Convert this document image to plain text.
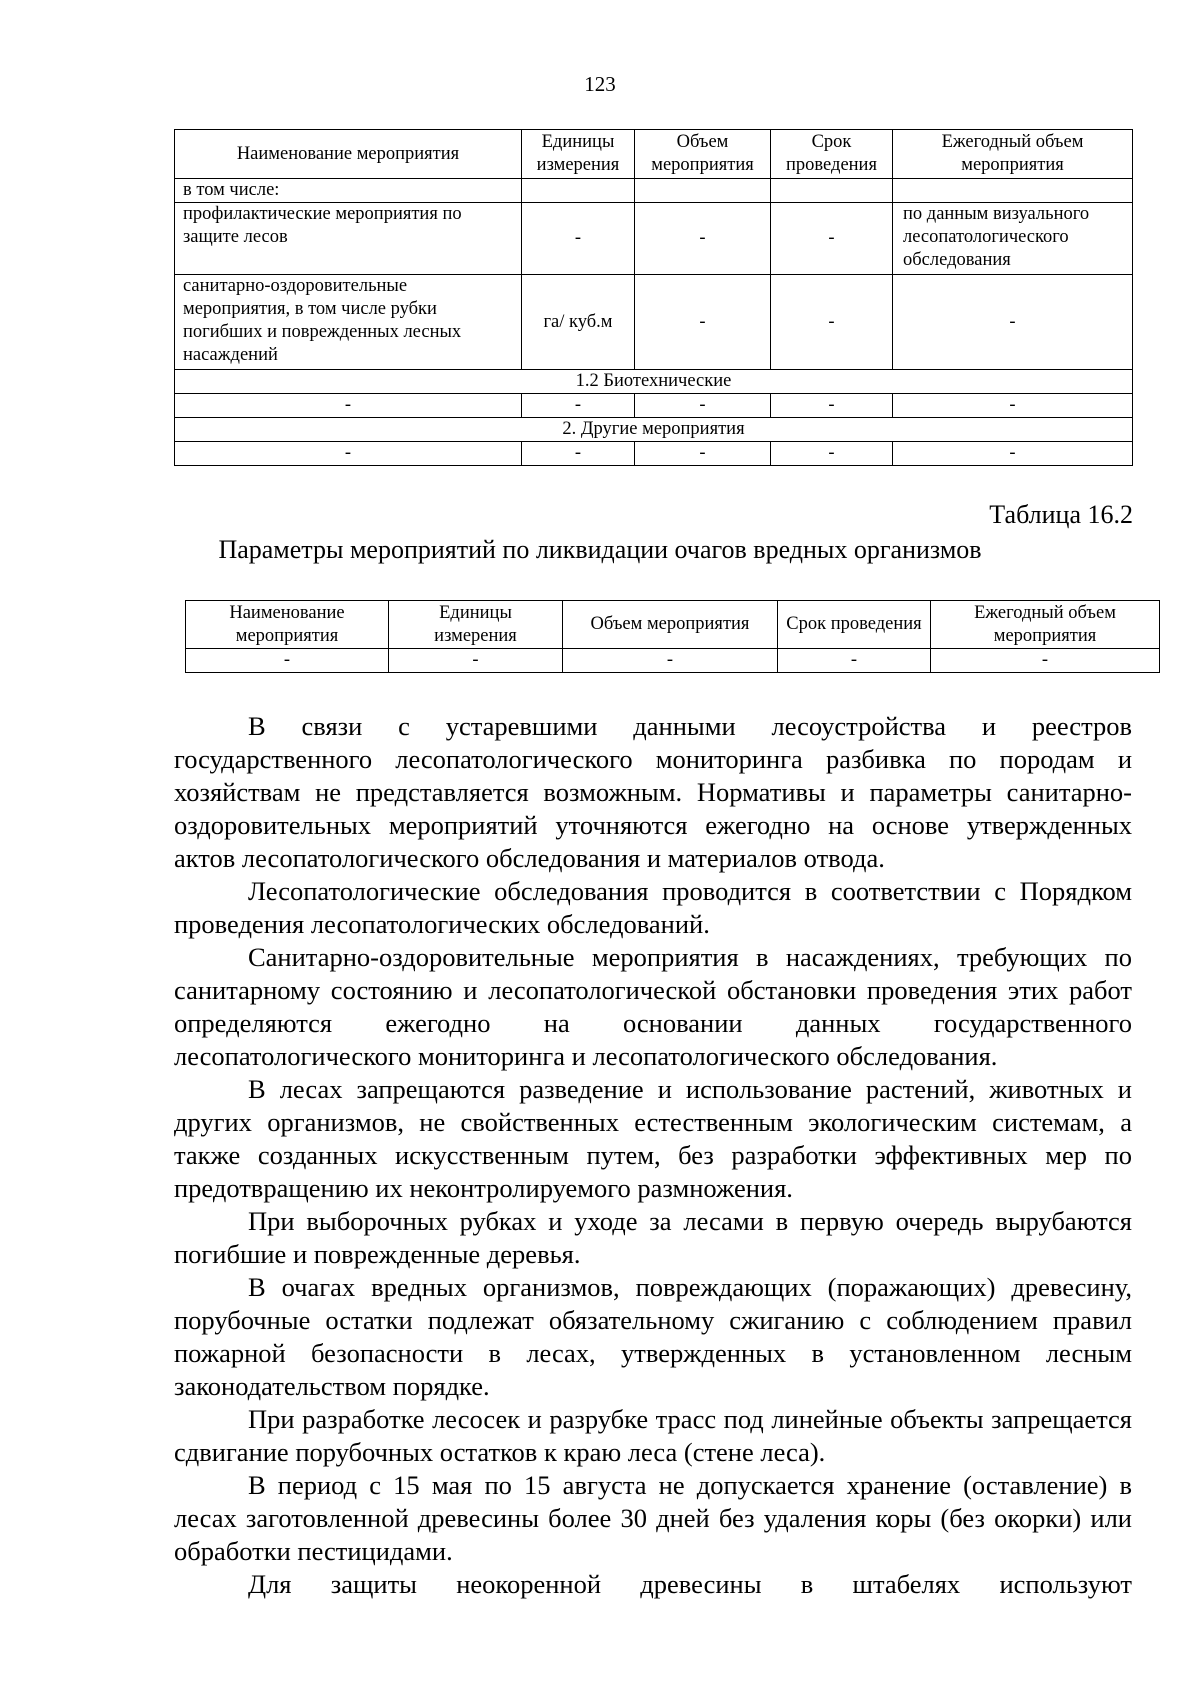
123
Наименование мероприятия	Единицы измерения	Объем мероприятия	Срок проведения	Ежегодный объем мероприятия
в том числе:				
профилактические мероприятия по защите лесов	-	-	-	по данным визуального лесопатологического обследования
санитарно-оздоровительные мероприятия, в том числе рубки погибших и поврежденных лесных насаждений	га/ куб.м	-	-	-
1.2 Биотехнические				
-	-	-	-	-
2. Другие мероприятия				
-	-	-	-	-
Таблица 16.2
Параметры мероприятий по ликвидации очагов вредных организмов
Наименование мероприятия	Единицы измерения	Объем мероприятия	Срок проведения	Ежегодный объем мероприятия
-	-	-	-	-

В связи с устаревшими данными лесоустройства и реестров государственного лесопатологического мониторинга разбивка по породам и хозяйствам не представляется возможным. Нормативы и параметры санитарно-оздоровительных мероприятий уточняются ежегодно на основе утвержденных актов лесопатологического обследования и материалов отвода.

Лесопатологические обследования проводится в соответствии с Порядком проведения лесопатологических обследований.

Санитарно-оздоровительные мероприятия в насаждениях, требующих по санитарному состоянию и лесопатологической обстановки проведения этих работ определяются ежегодно на основании данных государственного лесопатологического мониторинга и лесопатологического обследования.

В лесах запрещаются разведение и использование растений, животных и других организмов, не свойственных естественным экологическим системам, а также созданных искусственным путем, без разработки эффективных мер по предотвращению их неконтролируемого размножения.

При выборочных рубках и уходе за лесами в первую очередь вырубаются погибшие и поврежденные деревья.

В очагах вредных организмов, повреждающих (поражающих) древесину, порубочные остатки подлежат обязательному сжиганию с соблюдением правил пожарной безопасности в лесах, утвержденных в установленном лесным законодательством порядке.

При разработке лесосек и разрубке трасс под линейные объекты запрещается сдвигание порубочных остатков к краю леса (стене леса).

В период с 15 мая по 15 августа не допускается хранение (оставление) в лесах заготовленной древесины более 30 дней без удаления коры (без окорки) или обработки пестицидами.

Для защиты неокоренной древесины в штабелях используют
